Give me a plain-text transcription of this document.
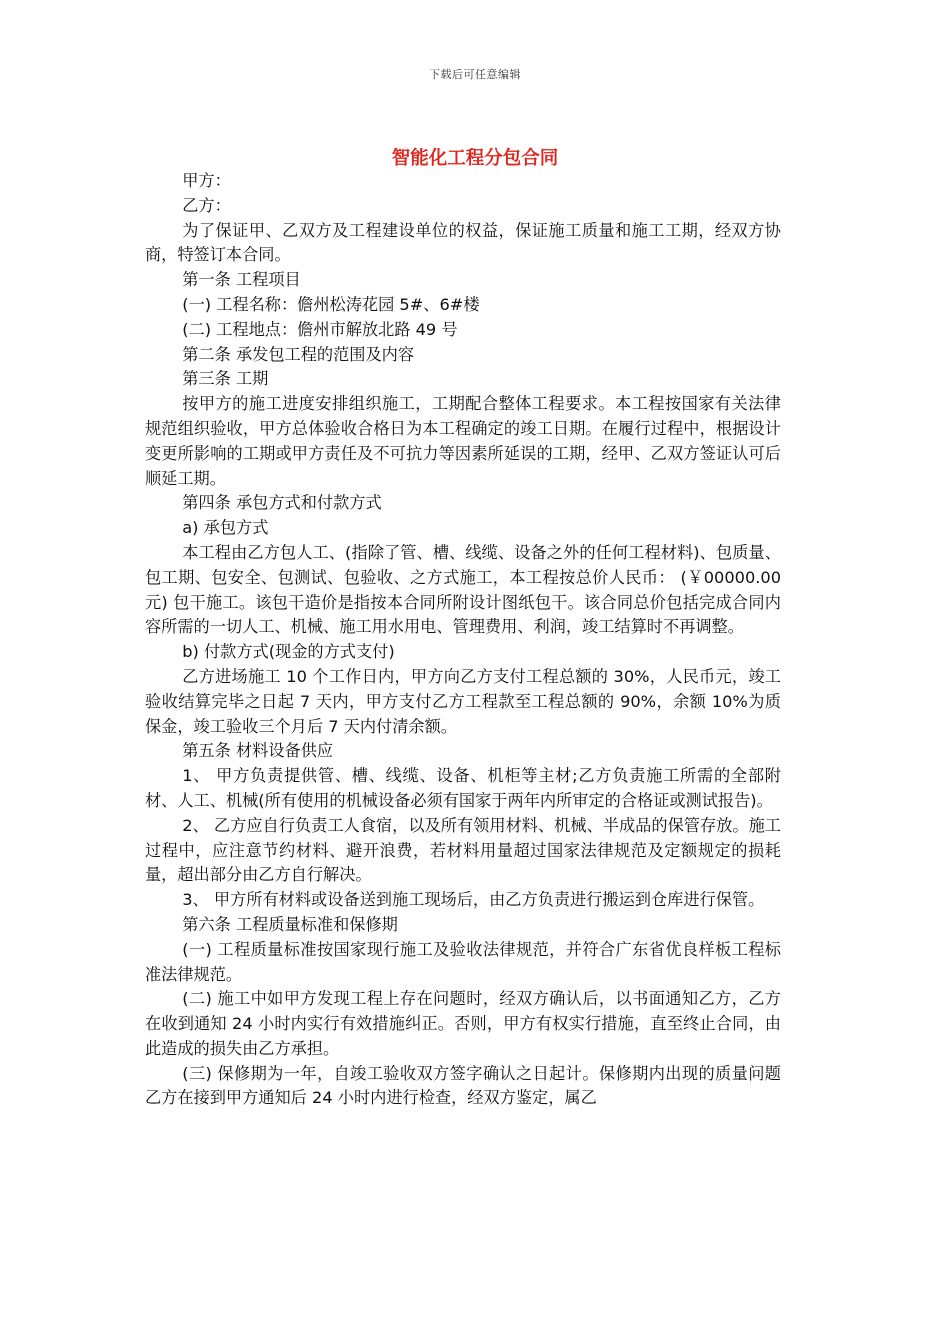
下载后可任意编辑
智能化工程分包合同

甲方：

乙方：

为了保证甲、乙双方及工程建设单位的权益，保证施工质量和施工工期，经双方协商，特签订本合同。

第一条 工程项目

(一) 工程名称：儋州松涛花园 5#、6#楼

(二) 工程地点：儋州市解放北路 49 号

第二条 承发包工程的范围及内容

第三条 工期

按甲方的施工进度安排组织施工，工期配合整体工程要求。本工程按国家有关法律规范组织验收，甲方总体验收合格日为本工程确定的竣工日期。在履行过程中，根据设计变更所影响的工期或甲方责任及不可抗力等因素所延误的工期，经甲、乙双方签证认可后顺延工期。

第四条 承包方式和付款方式

a) 承包方式

本工程由乙方包人工、(指除了管、槽、线缆、设备之外的任何工程材料)、包质量、包工期、包安全、包测试、包验收、之方式施工，本工程按总价人民币： (￥00000.00 元) 包干施工。该包干造价是指按本合同所附设计图纸包干。该合同总价包括完成合同内容所需的一切人工、机械、施工用水用电、管理费用、利润，竣工结算时不再调整。

b) 付款方式(现金的方式支付)

乙方进场施工 10 个工作日内，甲方向乙方支付工程总额的 30%，人民币元，竣工验收结算完毕之日起 7 天内，甲方支付乙方工程款至工程总额的 90%，余额 10%为质保金，竣工验收三个月后 7 天内付清余额。

第五条 材料设备供应

1、 甲方负责提供管、槽、线缆、设备、机柜等主材;乙方负责施工所需的全部附材、人工、机械(所有使用的机械设备必须有国家于两年内所审定的合格证或测试报告)。

2、 乙方应自行负责工人食宿，以及所有领用材料、机械、半成品的保管存放。施工过程中，应注意节约材料、避开浪费，若材料用量超过国家法律规范及定额规定的损耗量，超出部分由乙方自行解决。

3、 甲方所有材料或设备送到施工现场后，由乙方负责进行搬运到仓库进行保管。

第六条 工程质量标准和保修期

(一) 工程质量标准按国家现行施工及验收法律规范，并符合广东省优良样板工程标准法律规范。

(二) 施工中如甲方发现工程上存在问题时，经双方确认后，以书面通知乙方，乙方在收到通知 24 小时内实行有效措施纠正。否则，甲方有权实行措施，直至终止合同，由此造成的损失由乙方承担。

(三) 保修期为一年，自竣工验收双方签字确认之日起计。保修期内出现的质量问题乙方在接到甲方通知后 24 小时内进行检查，经双方鉴定，属乙
